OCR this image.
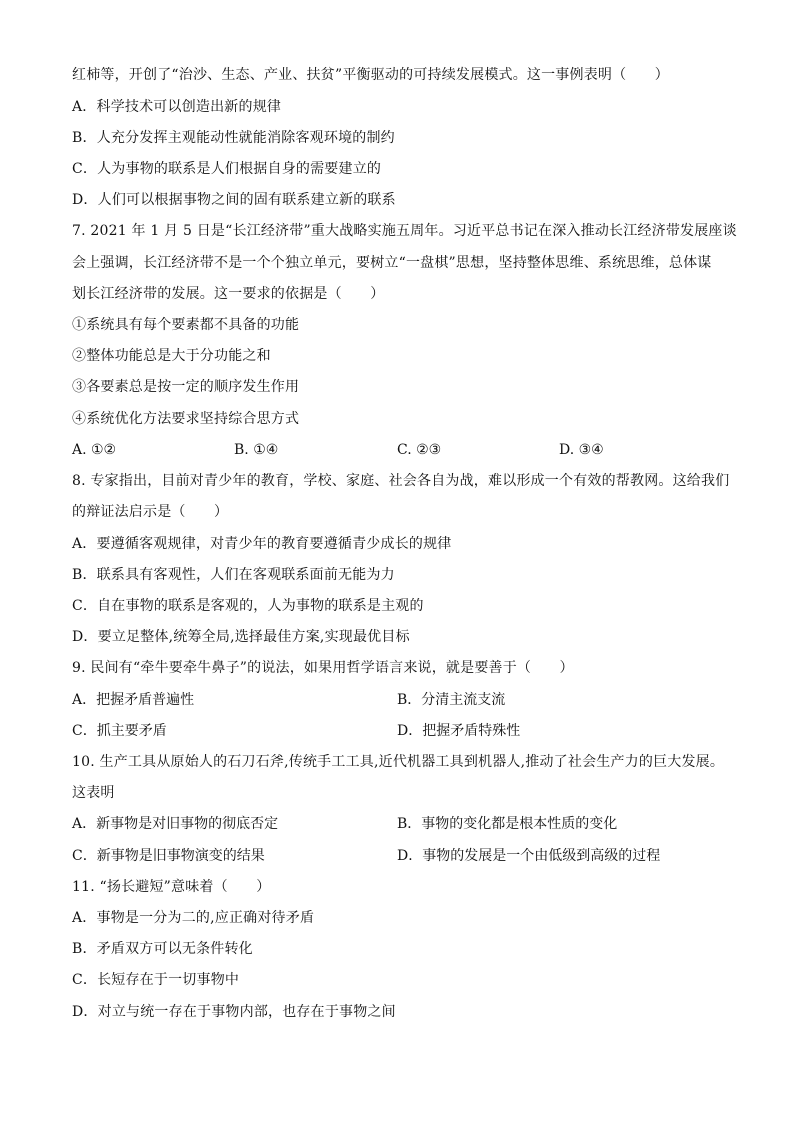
红柿等，开创了“治沙、生态、产业、扶贫”平衡驱动的可持续发展模式。这一事例表明（　　）
A．科学技术可以创造出新的规律
B．人充分发挥主观能动性就能消除客观环境的制约
C．人为事物的联系是人们根据自身的需要建立的
D．人们可以根据事物之间的固有联系建立新的联系
7. 2021 年 1 月 5 日是“长江经济带”重大战略实施五周年。习近平总书记在深入推动长江经济带发展座谈
会上强调，长江经济带不是一个个独立单元，要树立“一盘棋”思想，坚持整体思维、系统思维，总体谋
划长江经济带的发展。这一要求的依据是（　　）
①系统具有每个要素都不具备的功能
②整体功能总是大于分功能之和
③各要素总是按一定的顺序发生作用
④系统优化方法要求坚持综合思方式
A. ①②	B. ①④	C. ②③	D. ③④
8. 专家指出，目前对青少年的教育，学校、家庭、社会各自为战，难以形成一个有效的帮教网。这给我们
的辩证法启示是（　　）
A．要遵循客观规律，对青少年的教育要遵循青少成长的规律
B．联系具有客观性，人们在客观联系面前无能为力
C．自在事物的联系是客观的，人为事物的联系是主观的
D．要立足整体,统筹全局,选择最佳方案,实现最优目标
9. 民间有“牵牛要牵牛鼻子”的说法，如果用哲学语言来说，就是要善于（　　）
A．把握矛盾普遍性	B．分清主流支流
C．抓主要矛盾	D．把握矛盾特殊性
10. 生产工具从原始人的石刀石斧,传统手工工具,近代机器工具到机器人,推动了社会生产力的巨大发展。
这表明
A．新事物是对旧事物的彻底否定	B．事物的变化都是根本性质的变化
C．新事物是旧事物演变的结果	D．事物的发展是一个由低级到高级的过程
11. “扬长避短”意味着（　　）
A．事物是一分为二的,应正确对待矛盾
B．矛盾双方可以无条件转化
C．长短存在于一切事物中
D．对立与统一存在于事物内部，也存在于事物之间
